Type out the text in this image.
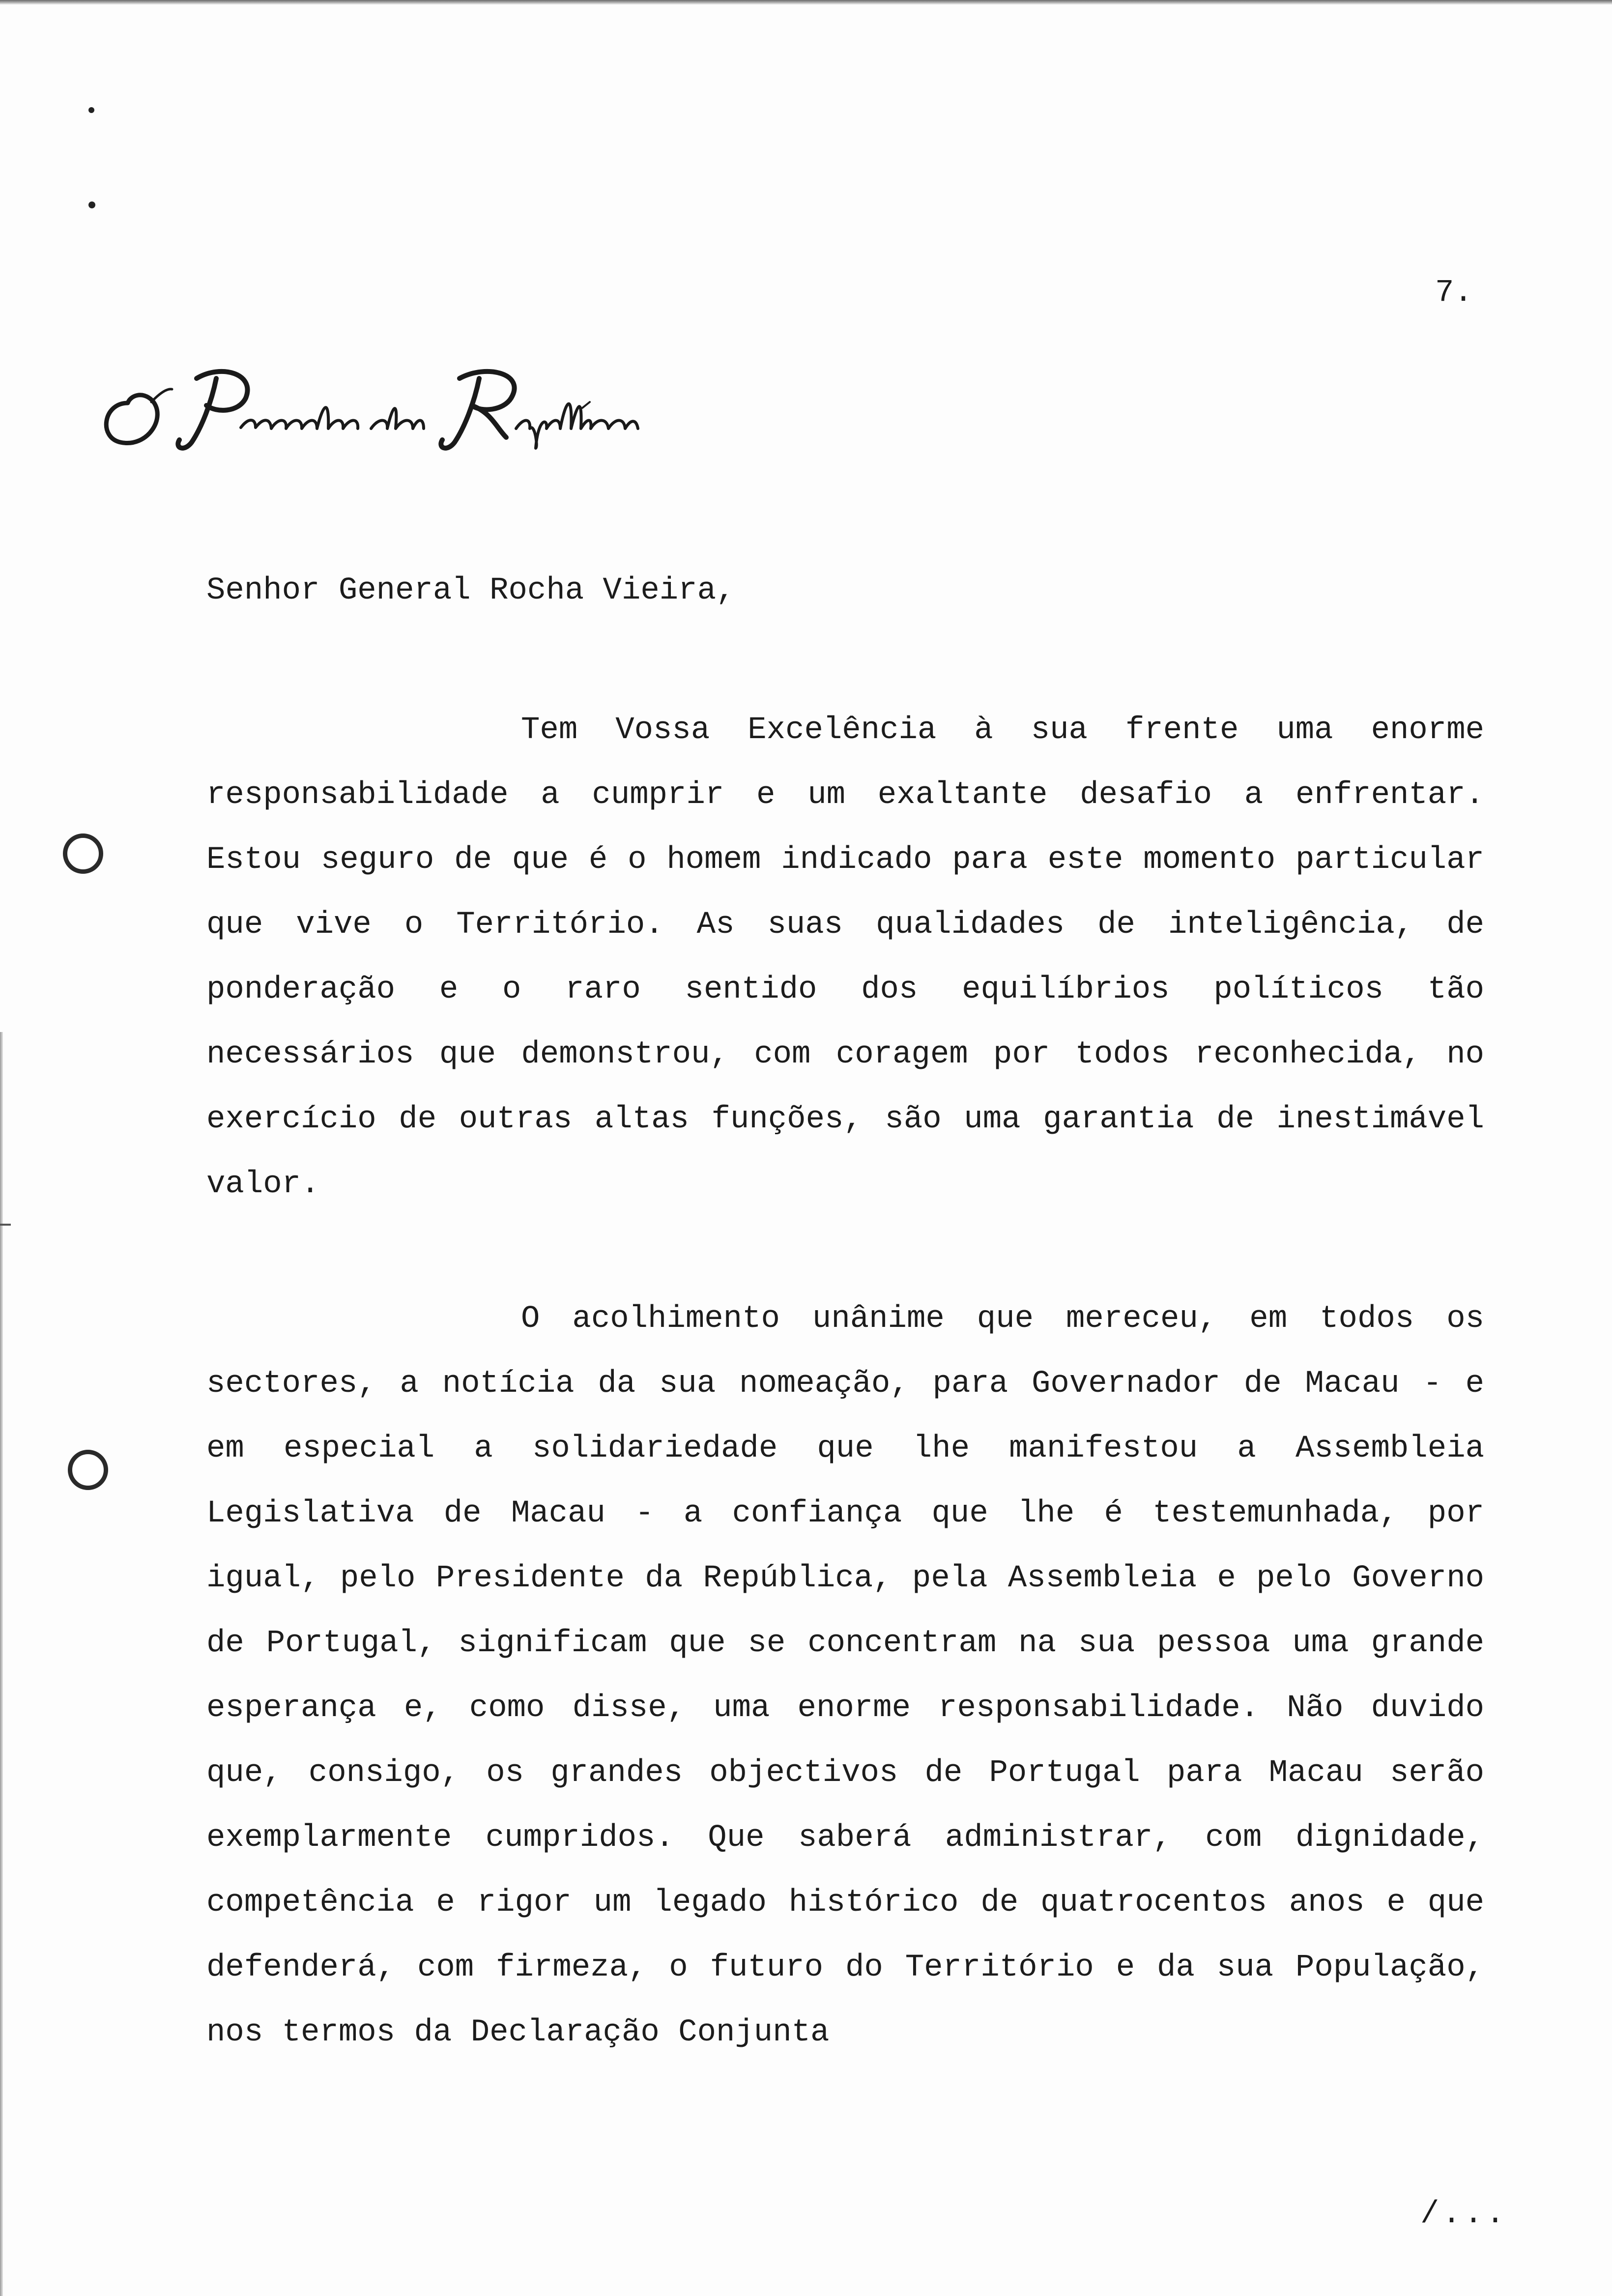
7.
Senhor General Rocha Vieira,

Tem Vossa Excelência à sua frente uma enorme responsabilidade a cumprir e um exaltante desafio a enfrentar. Estou seguro de que é o homem indicado para este momento particular que vive o Território. As suas qualidades de inteligência, de ponderação e o raro sentido dos equilíbrios políticos tão necessários que demonstrou, com coragem por todos reconhecida, no exercício de outras altas funções, são uma garantia de inestimável valor.

O acolhimento unânime que mereceu, em todos os sectores, a notícia da sua nomeação, para Governador de Macau - e em especial a solidariedade que lhe manifestou a Assembleia Legislativa de Macau - a confiança que lhe é testemunhada, por igual, pelo Presidente da República, pela Assembleia e pelo Governo de Portugal, significam que se concentram na sua pessoa uma grande esperança e, como disse, uma enorme responsabilidade. Não duvido que, consigo, os grandes objectivos de Portugal para Macau serão exemplarmente cumpridos. Que saberá administrar, com dignidade, competência e rigor um legado histórico de quatrocentos anos e que defenderá, com firmeza, o futuro do Território e da sua População, nos termos da Declaração Conjunta

/...
